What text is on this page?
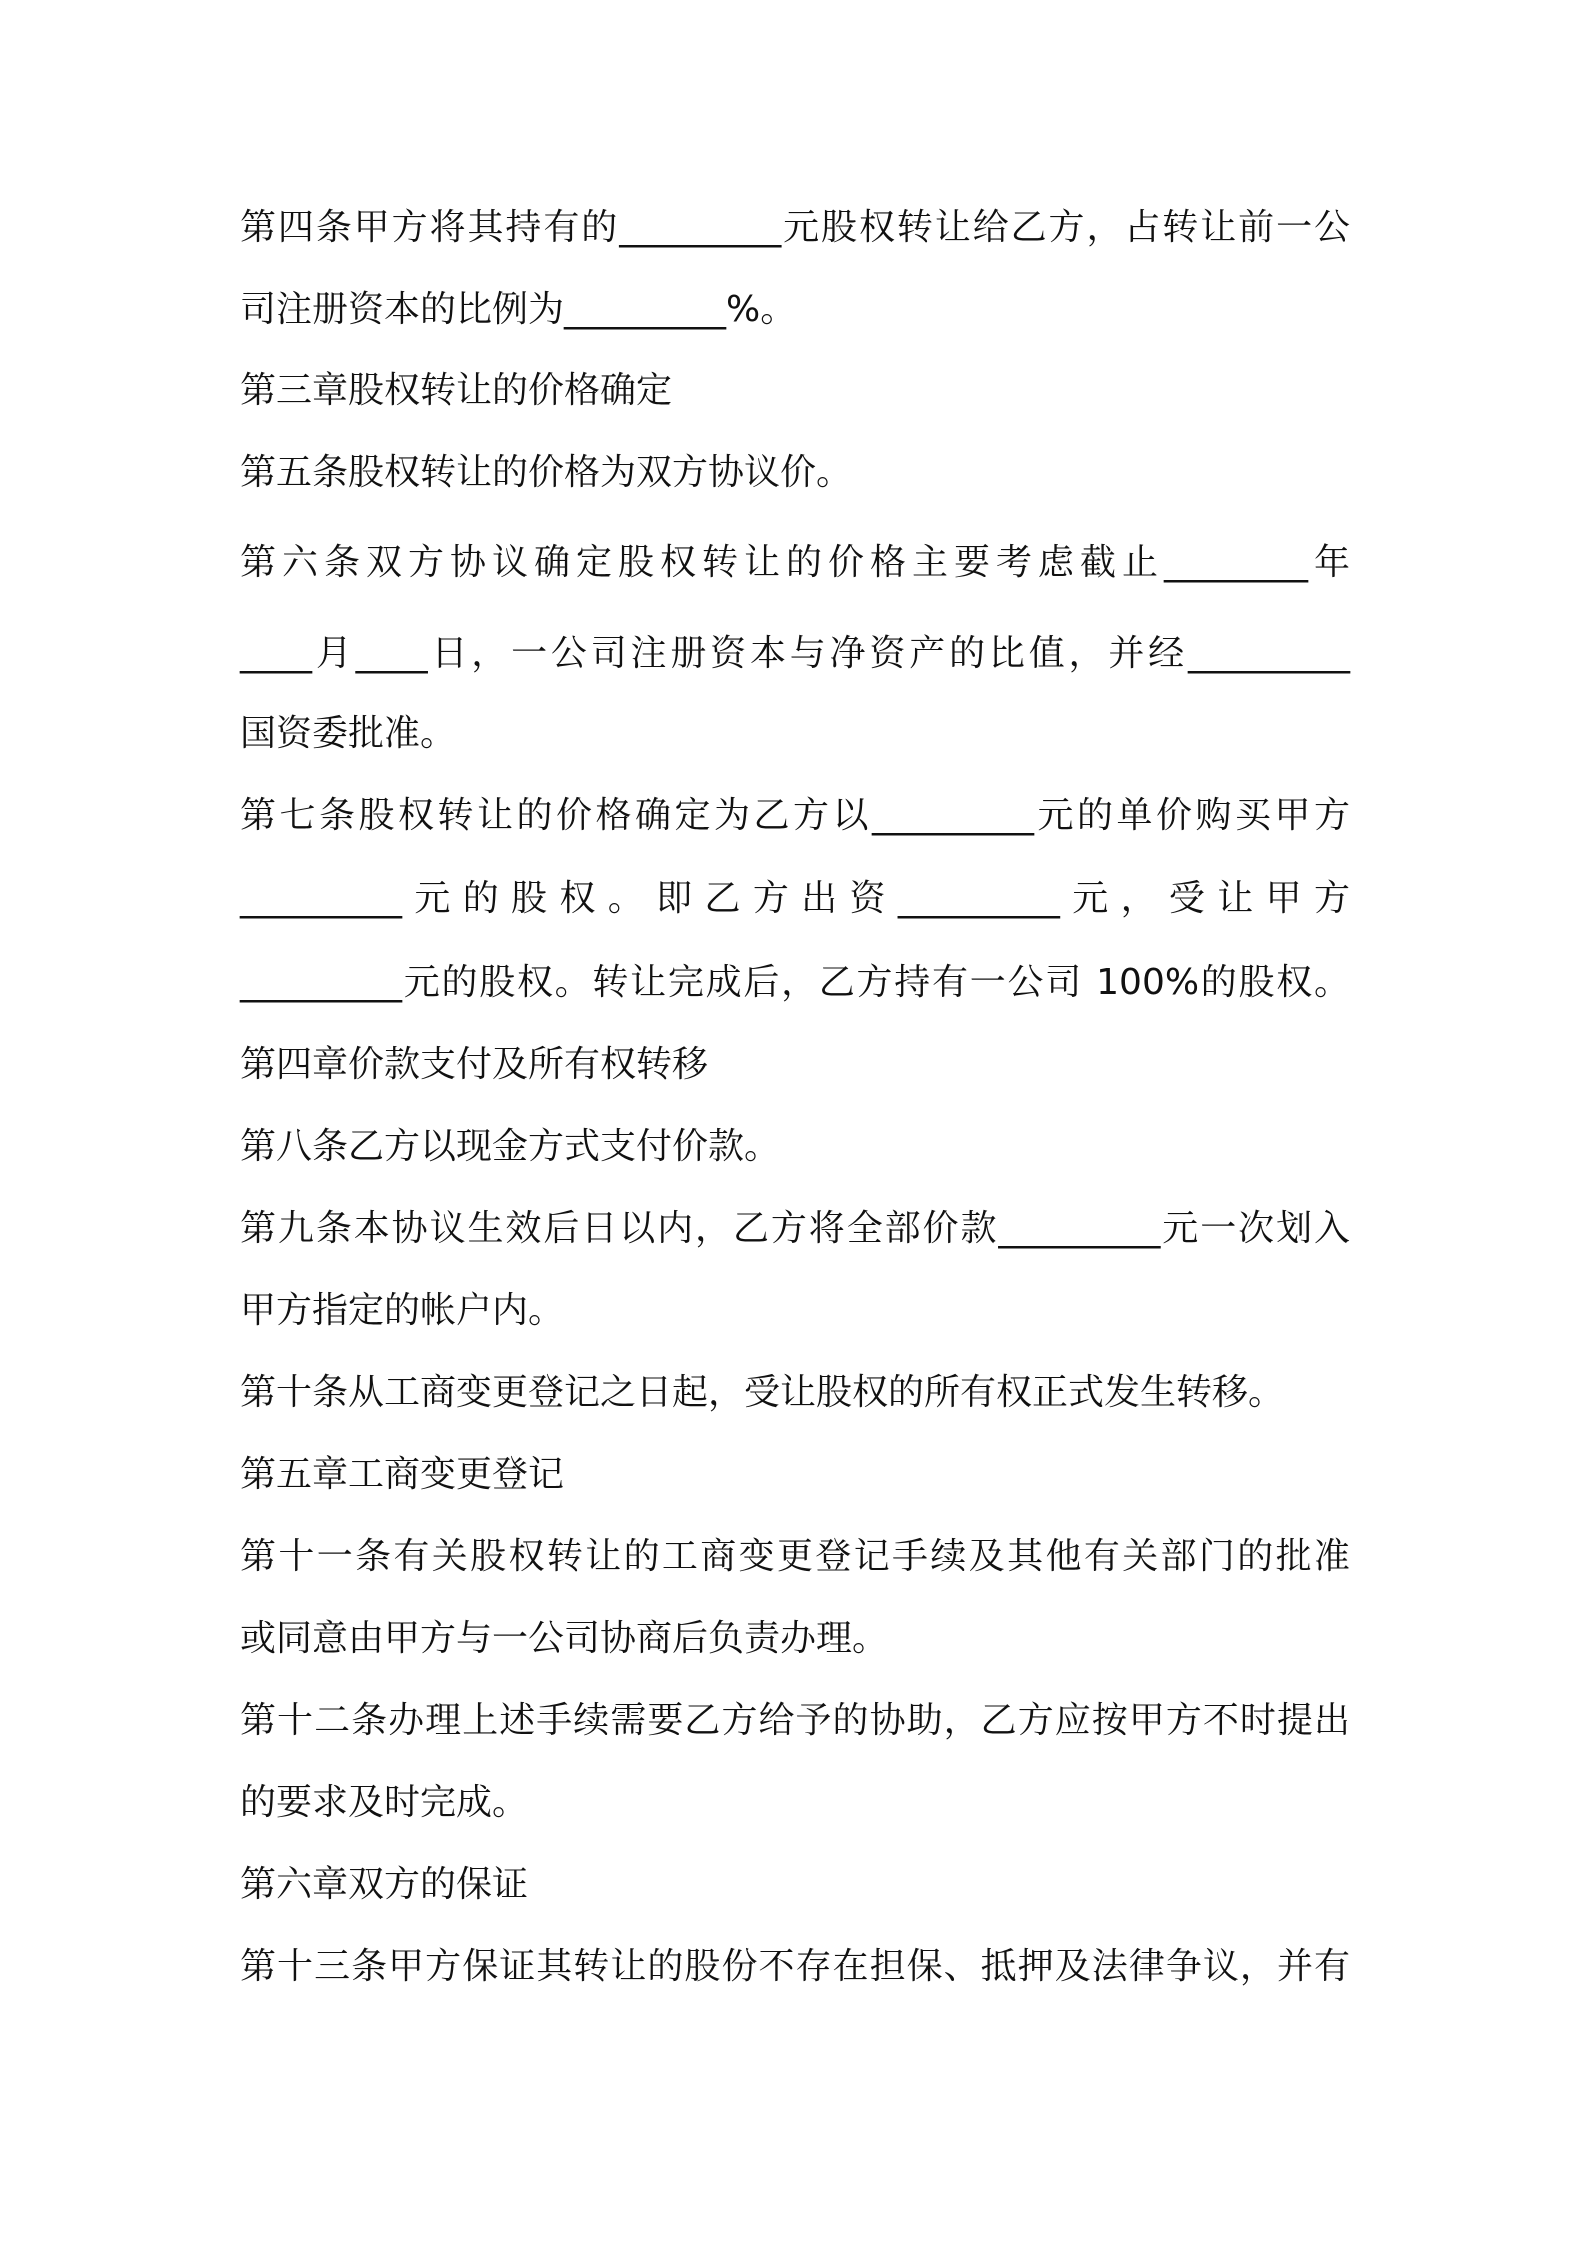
第四条甲方将其持有的_________元股权转让给乙方，占转让前一公
司注册资本的比例为_________%。
第三章股权转让的价格确定
第五条股权转让的价格为双方协议价。
第六条双方协议确定股权转让的价格主要考虑截止________年
____月____日，一公司注册资本与净资产的比值，并经_________
国资委批准。
第七条股权转让的价格确定为乙方以_________元的单价购买甲方
_________元的股权。即乙方出资_________元，受让甲方
_________元的股权。转让完成后，乙方持有一公司 100%的股权。
第四章价款支付及所有权转移
第八条乙方以现金方式支付价款。
第九条本协议生效后日以内，乙方将全部价款_________元一次划入
甲方指定的帐户内。
第十条从工商变更登记之日起，受让股权的所有权正式发生转移。
第五章工商变更登记
第十一条有关股权转让的工商变更登记手续及其他有关部门的批准
或同意由甲方与一公司协商后负责办理。
第十二条办理上述手续需要乙方给予的协助，乙方应按甲方不时提出
的要求及时完成。
第六章双方的保证
第十三条甲方保证其转让的股份不存在担保、抵押及法律争议，并有
